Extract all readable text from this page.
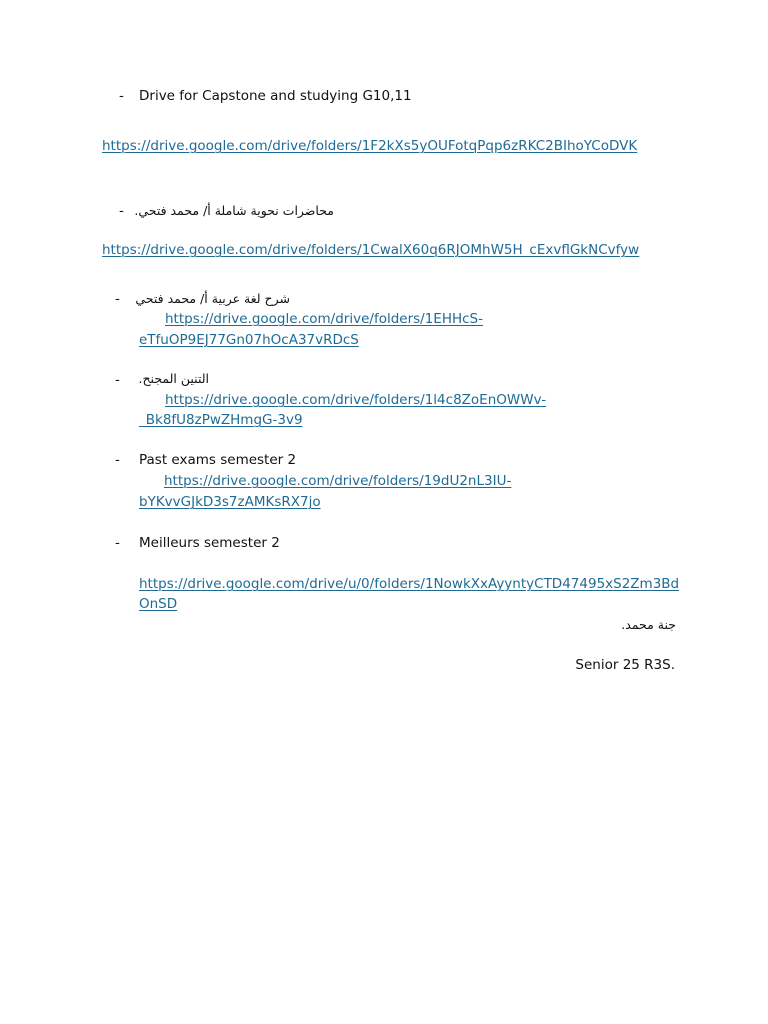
- Drive for Capstone and studying G10,11
https://drive.google.com/drive/folders/1F2kXs5yOUFotqPqp6zRKC2BIhoYCoDVK
- محاضرات نحوية شاملة أ/ محمد فتحي.
https://drive.google.com/drive/folders/1CwalX60q6RJOMhW5H_cExvflGkNCvfyw
- شرح لغة عربية أ/ محمد فتحي
https://drive.google.com/drive/folders/1EHHcS-
eTfuOP9EJ77Gn07hOcA37vRDcS
- التنين المجنح.
https://drive.google.com/drive/folders/1l4c8ZoEnOWWv-
_Bk8fU8zPwZHmgG-3v9
- Past exams semester 2
https://drive.google.com/drive/folders/19dU2nL3IU-
bYKvvGJkD3s7zAMKsRX7jo
- Meilleurs semester 2
https://drive.google.com/drive/u/0/folders/1NowkXxAyyntyCTD47495xS2Zm3Bd
OnSD
جنة محمد.
Senior 25 R3S.
